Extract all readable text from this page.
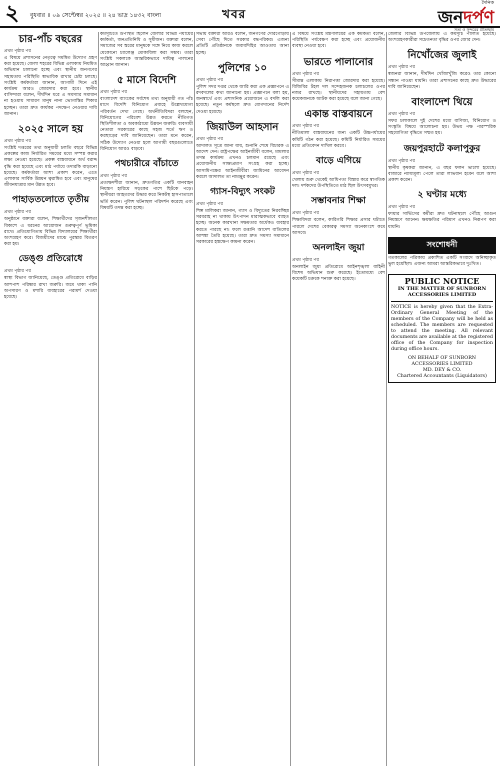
২ বুধবার ॥ ০৯ সেপ্টেম্বর ২০২৫ ॥ ২৪ ভাদ্র ১৪৩২ বাংলা	খবর
দৈনিক
জনদর্পণ
সত্য ও সুন্দরের প্রতিচ্ছবি
চার-পাঁচ বছরের
প্রথম পৃষ্ঠার পর
এ বিষয়ে প্রশাসনের নেতৃত্বে সমন্বিত উদ্যোগ গ্রহণ করা হয়েছে। জেলা শহরের বিভিন্ন এলাকায় নিয়মিত অভিযান চালানো হচ্ছে এবং স্থানীয় জনগণের সহায়তায় পরিস্থিতি স্বাভাবিক রাখার চেষ্টা চলছে। সংশ্লিষ্ট কর্মকর্তারা জানান, আগামী দিনে এই কার্যক্রম আরও জোরদার করা হবে। স্থানীয় বাসিন্দারা বলেন, দীর্ঘদিন ধরে এ সমস্যার সমাধান না হওয়ায় সাধারণ মানুষ নানা ভোগান্তির শিকার হচ্ছেন। তারা দ্রুত কার্যকর পদক্ষেপ নেওয়ার দাবি জানান।
২০২৫ সালে হয়
প্রথম পৃষ্ঠার পর
সংশ্লিষ্ট দপ্তরের তথ্য অনুযায়ী চলতি বছরে বিভিন্ন প্রকল্পের কাজ নির্ধারিত সময়ের মধ্যে সম্পন্ন করার লক্ষ্য নেওয়া হয়েছে। প্রকল্প বাস্তবায়নে অর্থ বরাদ্দ বৃদ্ধি করা হয়েছে এবং মাঠ পর্যায়ে তদারকি বাড়ানো হয়েছে। কর্মকর্তারা আশা প্রকাশ করেন, এতে এলাকার সার্বিক উন্নয়ন ত্বরান্বিত হবে এবং মানুষের জীবনযাত্রার মান উন্নত হবে।
পাহাড়তলোতে তৃতীয়
প্রথম পৃষ্ঠার পর
অনুষ্ঠানে বক্তারা বলেন, শিক্ষার্থীদের সৃজনশীলতা বিকাশে এ ধরনের আয়োজন গুরুত্বপূর্ণ ভূমিকা রাখে। প্রতিযোগিতায় বিভিন্ন বিদ্যালয়ের শিক্ষার্থীরা অংশগ্রহণ করে। বিজয়ীদের মাঝে পুরস্কার বিতরণ করা হয়।
ডেঙ্গু প্রতিরোধে
প্রথম পৃষ্ঠার পর
স্বাস্থ্য বিভাগ জানিয়েছে, ডেঙ্গু প্রতিরোধে বাড়ির আশপাশ পরিষ্কার রাখা জরুরি। জমে থাকা পানি অপসারণ ও মশারি ব্যবহারের পরামর্শ দেওয়া হয়েছে।
কর্মসূচিতে উপস্থিত ছিলেন জেলার বিভিন্ন পর্যায়ের কর্মকর্তা, জনপ্রতিনিধি ও সুধীজন। বক্তারা বলেন, সমাজের সব স্তরের মানুষকে সঙ্গে নিয়ে কাজ করলে যেকোনো চ্যালেঞ্জ মোকাবিলা করা সম্ভব। তারা সংশ্লিষ্ট সকলকে আন্তরিকভাবে দায়িত্ব পালনের আহ্বান জানান।
৫ মাসে বিদেশি
প্রথম পৃষ্ঠার পর
বাংলাদেশ ব্যাংকের সর্বশেষ তথ্য অনুযায়ী গত পাঁচ মাসে বিদেশি বিনিয়োগ প্রবাহে উল্লেখযোগ্য পরিবর্তন দেখা গেছে। অর্থনীতিবিদরা বলছেন, বিনিয়োগের পরিবেশ উন্নত করতে নীতিগত স্থিতিশীলতা ও অবকাঠামো উন্নয়ন জরুরি। ব্যবসায়ী নেতারা সরকারের কাছে সহজ শর্তে ঋণ ও করছাড়ের দাবি জানিয়েছেন। তারা মনে করেন, সঠিক উদ্যোগ নেওয়া হলে আগামী বছরগুলোতে বিনিয়োগ আরও বাড়বে।
পথচারীরে বাঁচাতে
প্রথম পৃষ্ঠার পর
প্রত্যক্ষদর্শীরা জানান, দ্রুতগতির একটি যানবাহন নিয়ন্ত্রণ হারিয়ে সড়কের পাশে ছিটকে পড়ে। স্থানীয়রা আহতদের উদ্ধার করে নিকটস্থ হাসপাতালে ভর্তি করেন। পুলিশ ঘটনাস্থল পরিদর্শন করেছে এবং বিষয়টি তদন্ত করা হচ্ছে।
সভায় বক্তারা আরও বলেন, জনগণের দোরগোড়ায় সেবা পৌঁছে দিতে সরকার বদ্ধপরিকর। এজন্য প্রতিটি প্রতিষ্ঠানকে জবাবদিহির আওতায় আনা হচ্ছে।
পুলিশের ১০
প্রথম পৃষ্ঠার পর
পুলিশ সদর দপ্তর থেকে জারি করা এক প্রজ্ঞাপনে এ রদবদলের কথা জানানো হয়। প্রজ্ঞাপনে বলা হয়, জনস্বার্থে এবং প্রশাসনিক প্রয়োজনে এ বদলি করা হয়েছে। নতুন কর্মস্থলে দ্রুত যোগদানের নির্দেশ দেওয়া হয়েছে।
জিয়াউল আহসান
প্রথম পৃষ্ঠার পর
আদালত সূত্রে জানা যায়, শুনানি শেষে বিচারক এ আদেশ দেন। রাষ্ট্রপক্ষের আইনজীবী বলেন, মামলার তদন্ত কার্যক্রম এখনও চলমান রয়েছে এবং প্রয়োজনীয় সাক্ষ্যপ্রমাণ সংগ্রহ করা হচ্ছে। আসামিপক্ষের আইনজীবীরা জামিনের আবেদন করলে আদালত তা নামঞ্জুর করেন।
গ্যাস-বিদ্যুৎ সংকট
প্রথম পৃষ্ঠার পর
শিল্প মালিকরা জানান, গ্যাস ও বিদ্যুতের নিরবচ্ছিন্ন সরবরাহ না থাকায় উৎপাদন মারাত্মকভাবে ব্যাহত হচ্ছে। অনেক কারখানা সক্ষমতার অর্ধেকও ব্যবহার করতে পারছে না। ফলে রপ্তানি আদেশ বাতিলের আশঙ্কা তৈরি হয়েছে। তারা দ্রুত সমস্যা সমাধানে সরকারের হস্তক্ষেপ কামনা করেন।
এ বিষয়ে সংশ্লিষ্ট মন্ত্রণালয়ের এক কর্মকর্তা বলেন, পরিস্থিতি পর্যবেক্ষণ করা হচ্ছে এবং প্রয়োজনীয় ব্যবস্থা নেওয়া হবে।
ভারতে পালানোর
প্রথম পৃষ্ঠার পর
সীমান্ত এলাকায় নিরাপত্তা জোরদার করা হয়েছে। বিজিবির টহল দল সন্দেহজনক চলাচলের ওপর নজর রাখছে। স্থানীয়দের সহায়তায় বেশ কয়েকজনকে আটক করা হয়েছে বলে জানা গেছে।
একান্ত বাস্তবায়নে
প্রথম পৃষ্ঠার পর
নীতিমালা বাস্তবায়নের জন্য একটি উচ্চপর্যায়ের কমিটি গঠন করা হয়েছে। কমিটি নির্ধারিত সময়ের মধ্যে প্রতিবেদন দাখিল করবে।
বাড়ে এগিয়ে
প্রথম পৃষ্ঠার পর
খেলায় শুরু থেকেই আধিপত্য বিস্তার করে স্বাগতিক দল। দর্শকদের উপস্থিতিতে মাঠ ছিল উৎসবমুখর।
সম্ভাবনার শিক্ষা
প্রথম পৃষ্ঠার পর
শিক্ষাবিদরা বলেন, কারিগরি শিক্ষার প্রসার ঘটাতে পারলে দেশের বেকারত্ব সমস্যা অনেকাংশে কমে আসবে।
অনলাইন জুয়া
প্রথম পৃষ্ঠার পর
অনলাইন জুয়া প্রতিরোধে আইনশৃঙ্খলা বাহিনী বিশেষ অভিযান শুরু করেছে। ইতোমধ্যে বেশ কয়েকটি চক্রকে শনাক্ত করা হয়েছে।
জেলার বিভিন্ন উপজেলায় এ কর্মসূচি পালিত হয়েছে। অংশগ্রহণকারীরা সচেতনতা বৃদ্ধির ওপর জোর দেন।
নিখোঁজের জুলাই
প্রথম পৃষ্ঠার পর
স্বজনরা জানান, দীর্ঘদিন খোঁজাখুঁজি করেও তার কোনো সন্ধান পাওয়া যায়নি। তারা প্রশাসনের কাছে দ্রুত উদ্ধারের দাবি জানিয়েছেন।
বাংলাদেশ থিয়ে
প্রথম পৃষ্ঠার পর
সফর চলাকালে দুই দেশের মধ্যে বাণিজ্য, বিনিয়োগ ও সংস্কৃতি বিষয়ে আলোচনা হয়। উভয় পক্ষ পারস্পরিক সহযোগিতা বৃদ্ধিতে সম্মত হয়।
জয়পুরহাটে কলাপুকুর
প্রথম পৃষ্ঠার পর
স্থানীয় কৃষকরা জানান, এ বছর ফলন ভালো হয়েছে। বাজারে ন্যায্যমূল্য পেলে তারা লাভবান হবেন বলে আশা প্রকাশ করেন।
২ ঘণ্টার মধ্যে
প্রথম পৃষ্ঠার পর
ফায়ার সার্ভিসের কর্মীরা দ্রুত ঘটনাস্থলে পৌঁছে আগুন নিয়ন্ত্রণে আনেন। ক্ষয়ক্ষতির পরিমাণ এখনও নিরূপণ করা যায়নি।
সংশোধনী
গতকালের পত্রিকায় প্রকাশিত একটি সংবাদে অনিচ্ছাকৃত ভুল হয়েছিল। এজন্য আমরা আন্তরিকভাবে দুঃখিত।
PUBLIC NOTICE
IN THE MATTER OF SUNBORN ACCESSORIES LIMITED
NOTICE is hereby given that the Extra-Ordinary General Meeting of the members of the Company will be held as scheduled. The members are requested to attend the meeting. All relevant documents are available at the registered office of the Company for inspection during office hours.
ON BEHALF OF SUNBORN ACCESSORIES LIMITED
MD. DEY & CO.
Chartered Accountants (Liquidators)
